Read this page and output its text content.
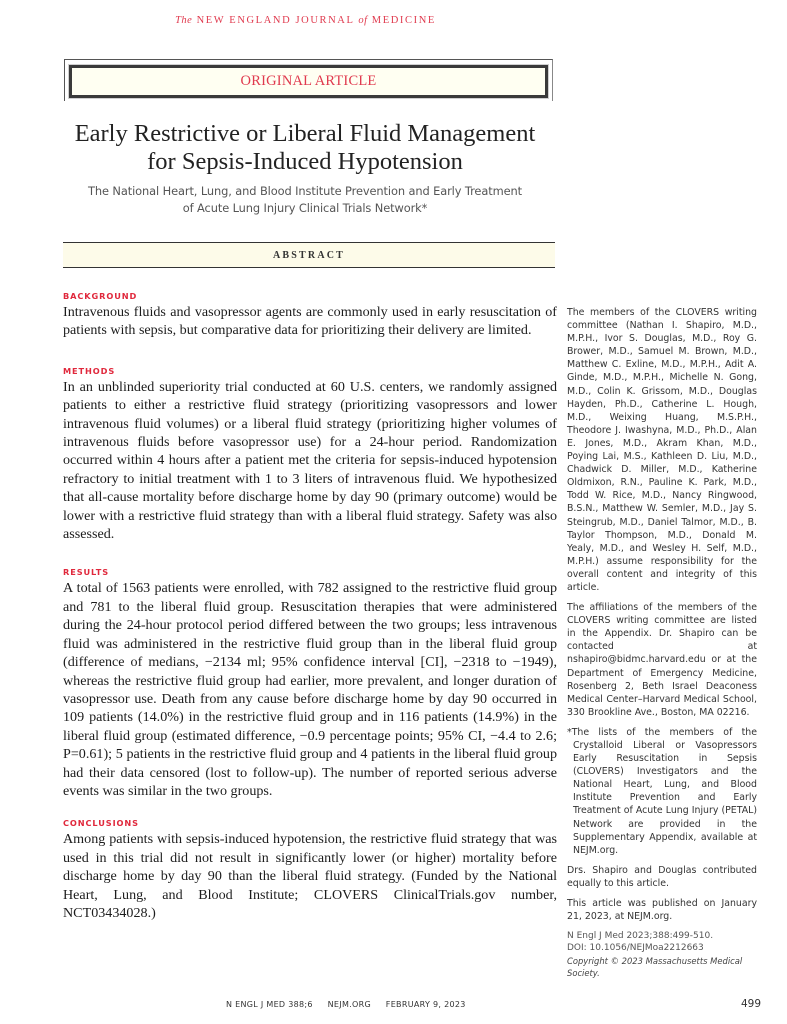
The NEW ENGLAND JOURNAL of MEDICINE
ORIGINAL ARTICLE
Early Restrictive or Liberal Fluid Management
for Sepsis-Induced Hypotension
The National Heart, Lung, and Blood Institute Prevention and Early Treatment
of Acute Lung Injury Clinical Trials Network*
ABSTRACT
BACKGROUND

Intravenous fluids and vasopressor agents are commonly used in early resuscitation of patients with sepsis, but comparative data for prioritizing their delivery are limited.

METHODS

In an unblinded superiority trial conducted at 60 U.S. centers, we randomly assigned patients to either a restrictive fluid strategy (prioritizing vasopressors and lower intravenous fluid volumes) or a liberal fluid strategy (prioritizing higher volumes of intravenous fluids before vasopressor use) for a 24-hour period. Randomization occurred within 4 hours after a patient met the criteria for sepsis-induced hypotension refractory to initial treatment with 1 to 3 liters of intravenous fluid. We hypothesized that all-cause mortality before discharge home by day 90 (primary outcome) would be lower with a restrictive fluid strategy than with a liberal fluid strategy. Safety was also assessed.

RESULTS

A total of 1563 patients were enrolled, with 782 assigned to the restrictive fluid group and 781 to the liberal fluid group. Resuscitation therapies that were administered during the 24-hour protocol period differed between the two groups; less intravenous fluid was administered in the restrictive fluid group than in the liberal fluid group (difference of medians, −2134 ml; 95% confidence interval [CI], −2318 to −1949), whereas the restrictive fluid group had earlier, more prevalent, and longer duration of vasopressor use. Death from any cause before discharge home by day 90 occurred in 109 patients (14.0%) in the restrictive fluid group and in 116 patients (14.9%) in the liberal fluid group (estimated difference, −0.9 percentage points; 95% CI, −4.4 to 2.6; P=0.61); 5 patients in the restrictive fluid group and 4 patients in the liberal fluid group had their data censored (lost to follow-up). The number of reported serious adverse events was similar in the two groups.

CONCLUSIONS

Among patients with sepsis-induced hypotension, the restrictive fluid strategy that was used in this trial did not result in significantly lower (or higher) mortality before discharge home by day 90 than the liberal fluid strategy. (Funded by the National Heart, Lung, and Blood Institute; CLOVERS ClinicalTrials.gov number, NCT03434028.)

The members of the CLOVERS writing committee (Nathan I. Shapiro, M.D., M.P.H., Ivor S. Douglas, M.D., Roy G. Brower, M.D., Samuel M. Brown, M.D., Matthew C. Exline, M.D., M.P.H., Adit A. Ginde, M.D., M.P.H., Michelle N. Gong, M.D., Colin K. Grissom, M.D., Douglas Hayden, Ph.D., Catherine L. Hough, M.D., Weixing Huang, M.S.P.H., Theodore J. Iwashyna, M.D., Ph.D., Alan E. Jones, M.D., Akram Khan, M.D., Poying Lai, M.S., Kathleen D. Liu, M.D., Chadwick D. Miller, M.D., Katherine Oldmixon, R.N., Pauline K. Park, M.D., Todd W. Rice, M.D., Nancy Ringwood, B.S.N., Matthew W. Semler, M.D., Jay S. Steingrub, M.D., Daniel Talmor, M.D., B. Taylor Thompson, M.D., Donald M. Yealy, M.D., and Wesley H. Self, M.D., M.P.H.) assume responsibility for the overall content and integrity of this article.

The affiliations of the members of the CLOVERS writing committee are listed in the Appendix. Dr. Shapiro can be contacted at nshapiro@bidmc.harvard.edu or at the Department of Emergency Medicine, Rosenberg 2, Beth Israel Deaconess Medical Center–Harvard Medical School, 330 Brookline Ave., Boston, MA 02216.

*The lists of the members of the Crystalloid Liberal or Vasopressors Early Resuscitation in Sepsis (CLOVERS) Investigators and the National Heart, Lung, and Blood Institute Prevention and Early Treatment of Acute Lung Injury (PETAL) Network are provided in the Supplementary Appendix, available at NEJM.org.

Drs. Shapiro and Douglas contributed equally to this article.

This article was published on January 21, 2023, at NEJM.org.

N Engl J Med 2023;388:499-510.
DOI: 10.1056/NEJMoa2212663
Copyright © 2023 Massachusetts Medical Society.
N ENGL J MED 388;6 NEJM.ORG FEBRUARY 9, 2023	499
